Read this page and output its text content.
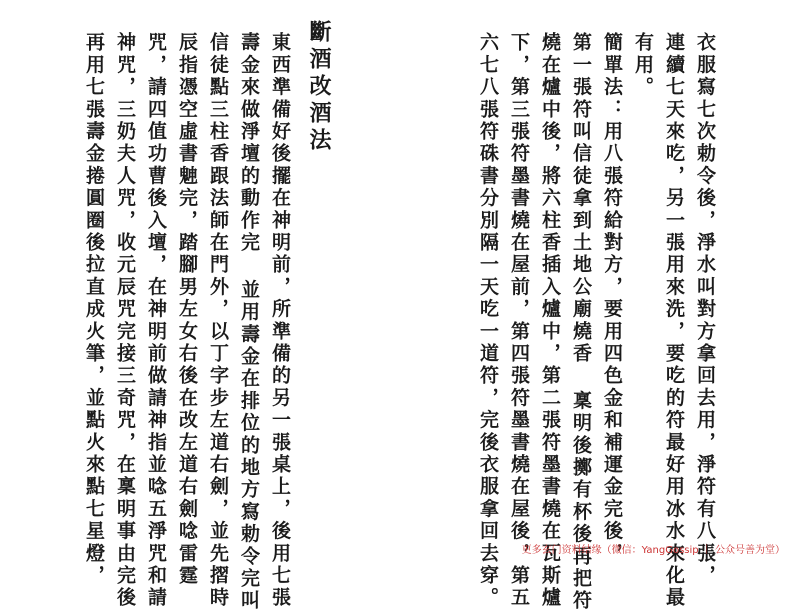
斷酒改酒法
東西準備好後擺在神明前，所準備的另一張桌上，後用七張
壽金來做淨壇的動作完 並用壽金在排位的地方寫勅令完叫
信徒點三柱香跟法師在門外，以丁字步左道右劍，並先摺時
辰指憑空虛書䰠完，踏腳男左女右後在改左道右劍唸雷霆
咒，請四值功曹後入壇，在神明前做請神指並唸五淨咒和請
神咒，三奶夫人咒，收元辰咒完接三奇咒，在稟明事由完後
再用七張壽金捲圓圈後拉直成火筆，並點火來點七星燈，	衣服寫七次勅令後，淨水叫對方拿回去用，淨符有八張，
連續七天來吃，另一張用來洗，要吃的符最好用冰水來化最
有用。
簡單法：用八張符給對方，要用四色金和補運金完後，
第一張符叫信徒拿到土地公廟燒香 稟明後擲有杯後再把符
燒在爐中後，將六柱香插入爐中，第二張符墨書燒在瓦斯爐
下，第三張符墨書燒在屋前，第四張符墨書燒在屋後，第五
六七八張符硃書分別隔一天吃一道符，完後衣服拿回去穿。 更多玄门资料结缘（微信：YangGossip ｜ 公众号善为堂）
